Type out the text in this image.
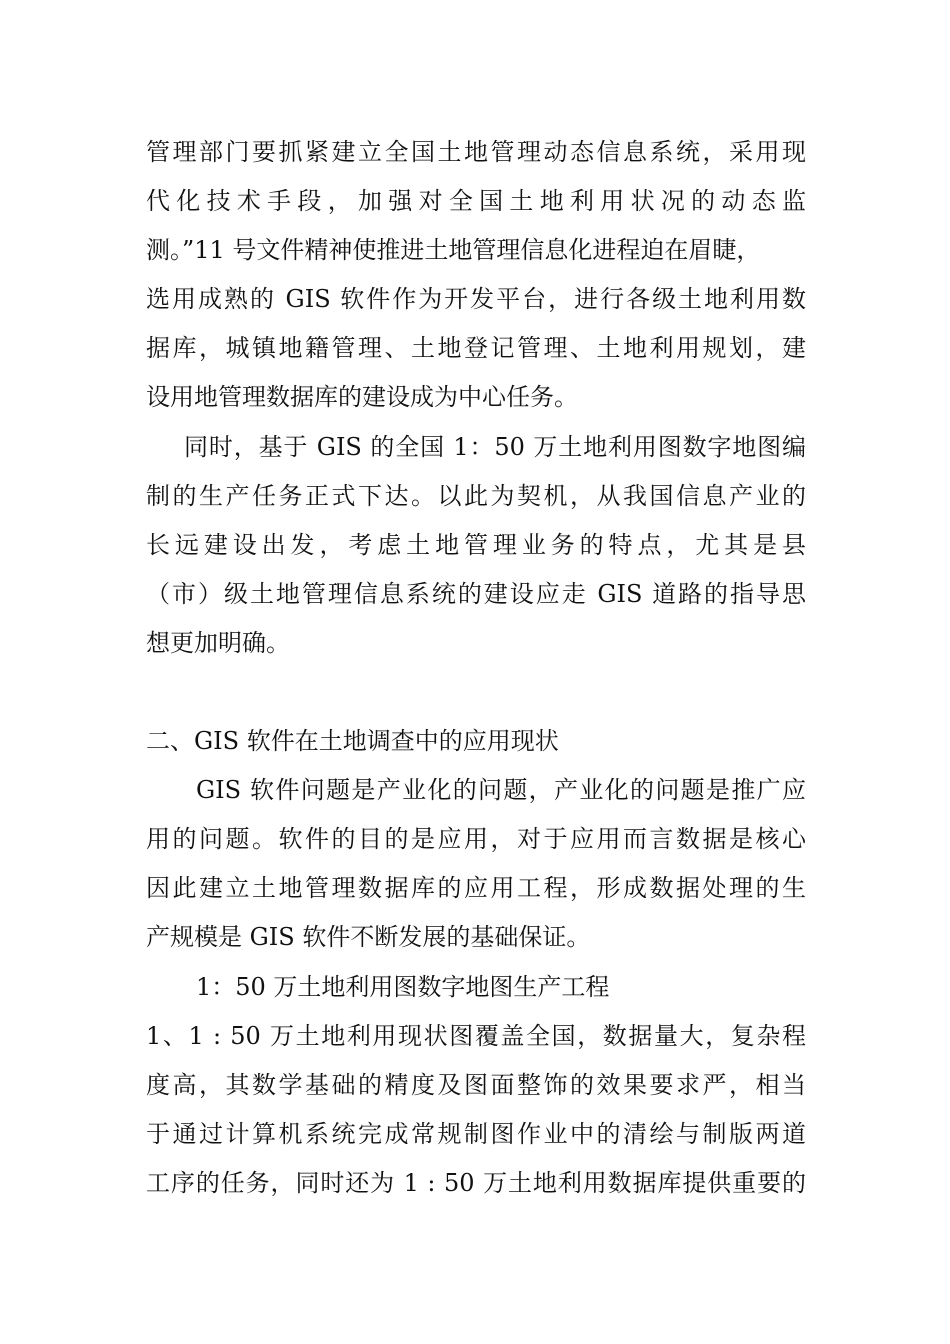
管理部门要抓紧建立全国土地管理动态信息系统，采用现
代化技术手段，加强对全国土地利用状况的动态监
测。”11 号文件精神使推进土地管理信息化进程迫在眉睫，
选用成熟的 GIS 软件作为开发平台，进行各级土地利用数
据库，城镇地籍管理、土地登记管理、土地利用规划，建
设用地管理数据库的建设成为中心任务。
同时，基于 GIS 的全国 1：50 万土地利用图数字地图编
制的生产任务正式下达。以此为契机，从我国信息产业的
长远建设出发，考虑土地管理业务的特点，尤其是县
（市）级土地管理信息系统的建设应走 GIS 道路的指导思
想更加明确。
二、GIS 软件在土地调查中的应用现状
GIS 软件问题是产业化的问题，产业化的问题是推广应
用的问题。软件的目的是应用，对于应用而言数据是核心
因此建立土地管理数据库的应用工程，形成数据处理的生
产规模是 GIS 软件不断发展的基础保证。
1：50 万土地利用图数字地图生产工程
1、1 : 50 万土地利用现状图覆盖全国，数据量大，复杂程
度高，其数学基础的精度及图面整饰的效果要求严，相当
于通过计算机系统完成常规制图作业中的清绘与制版两道
工序的任务，同时还为 1 : 50 万土地利用数据库提供重要的
